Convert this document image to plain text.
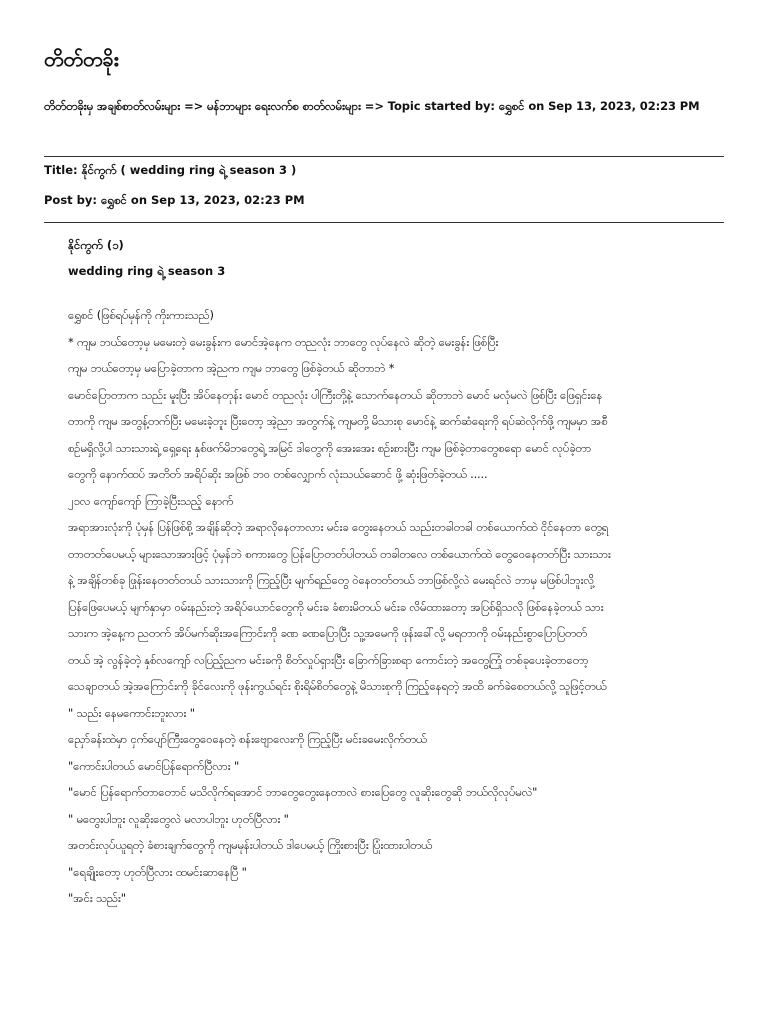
တိတ်တခိုး
တိတ်တခိုးမှ အချစ်စာတ်လမ်းများ => မန်ဘာများ ရေးလက်စ စာတ်လမ်းများ => Topic started by: ရွှေစင် on Sep 13, 2023, 02:23 PM
Title: နိုင်ကွက် ( wedding ring ရဲ့ season 3 )
Post by: ရွှေစင် on Sep 13, 2023, 02:23 PM
နိုင်ကွက် (၁)
wedding ring ရဲ့ season 3
ရွှေစင် (ဖြစ်ရပ်မှန်ကို ကိုးကားသည်)
* ကျမ ဘယ်တော့မှ မမေးတဲ့ မေးခွန်းက မောင်အဲ့နေက တညလုံး ဘာတွေ လုပ်နေလဲ ဆိုတဲ့ မေးခွန်း ဖြစ်ပြီး
ကျမ ဘယ်တော့မှ မပြောခဲ့တာက အဲ့ညက ကျမ ဘာတွေ ဖြစ်ခဲ့တယ် ဆိုတာဘဲ *
မောင်ပြောတာက သည်း မူးပြီး အိပ်နေတုန်း မောင် တညလုံး ပါကြီးတို့နဲ့ သောက်နေတယ် ဆိုတာဘဲ မောင် မလုံမလဲ ဖြစ်ပြီး ဖြေရှင်းနေ
တာကို ကျမ အတွန့်တက်ပြီး မမေးခဲ့ဘူး ပြီးတော့ အဲ့ညာ အတွက်နဲ့ ကျမတို့ မိသားစု မောင်နဲ့ ဆက်ဆံရေးကို ရပ်ဆဲလိုက်ဖို့ ကျမမှာ အစီ
စဉ်မရှိလို့ပါ သားသားရဲ့ ရှေ့ရေး နှစ်ဖက်မိဘတွေရဲ့ အမြင် ဒါတွေကို အေးအေး စဉ်းစားပြီး ကျမ ဖြစ်ခဲ့တာတွေစရော မောင် လုပ်ခဲ့တာ
တွေကို နောက်ထပ် အတိတ် အရိပ်ဆိုး အဖြစ် ဘဝ တစ်လျှောက် လုံးသယ်ဆောင် ဖို့ ဆုံးဖြတ်ခဲ့တယ် .....
၂၁လ ကျော်ကျော် ကြာခဲ့ပြီးသည့် နောက်
အရာအားလုံးကို ပုံမှန် ပြန်ဖြစ်စို့ အချိန်ဆိုတဲ့ အရာလိုနေတာလား မင်းခ တွေးနေတယ် သည်းတခါတခါ တစ်ယောက်ထဲ ငိုင်နေတာ တွေ့ရ
တာတတ်ပေမယ့် များသောအားဖြင့် ပုံမှန်ဘဲ စကားတွေ ပြန်ပြောတတ်ပါတယ် တခါတလေ တစ်ယောက်ထဲ တွေဝေနေတတ်ပြီး သားသား
နဲ့ အချိန်တစ်ခု ဖြုန်းနေတတ်တယ် သားသားကို ကြည့်ပြီး မျက်ရည်တွေ ဝဲနေတတ်တယ် ဘာဖြစ်လို့လဲ မေးရင်လဲ ဘာမှ မဖြစ်ပါဘူးလို့
ပြန်ဖြေပေမယ့် မျက်နှာမှာ ဝမ်းနည်းတဲ့ အရိပ်ယောင်တွေကို မင်းခ ခံစားမိတယ် မင်းခ လိမ်ထားတော့ အပြစ်ရှိသလို ဖြစ်နေခဲ့တယ် သား
သားက အဲ့နေ့က ညတက် အိပ်မက်ဆိုးအကြောင်းကို ခဏ ခဏပြောပြီး သူ့အမေကို ဖုန်းခေါ်လို့ မရတာကို ဝမ်းနည်းစွာပြောပြတတ်
တယ် အဲ့ လွန်ခဲ့တဲ့ နှစ်လကျော် လပြည့်ညက မင်းခကို စိတ်လှုပ်ရှားပြီး ခြောက်ခြားစရာ ကောင်းတဲ့ အတွေ့ကြုံ တစ်ခုပေးခဲ့တာတော့
သေချာတယ် အဲ့အကြောင်းကို ခိုင်လေးကို ဖုန်းကွယ်ရင်း စိုးရိမ်စိတ်တွေနဲ့ မိသားစုကို ကြည့်နေရတဲ့ အထိ ခက်ခဲစေတယ်လို့ သူဖြင့်တယ်
" သည်း နေမကောင်းဘူးလား "
ညှော်ခန်းထဲမှာ ငှက်ပျော်ကြီးတွေဝေနေတဲ့ စန်းဗျောလေးကို ကြည့်ပြီး မင်းခမေးလိုက်တယ်
"ကောင်းပါတယ် မောင်ပြန်ရောက်ပြီလား "
"မောင် ပြန်ရောက်တာတောင် မသိလိုက်ရအောင် ဘာတွေတွေးနေတာလဲ စားပြေတွေ လူဆိုးတွေဆို ဘယ်လိုလုပ်မလဲ"
" မတွေးပါဘူး လူဆိုးတွေလဲ မလာပါဘူး ဟုတ်ပြီလား "
အတင်းလုပ်ယူရတဲ့ ခံစားချက်တွေကို ကျမမုန်းပါတယ် ဒါပေမယ့် ကြိုးစားပြီး ပြုံးထားပါတယ်
"ရေချိုးတော့ ဟုတ်ပြီလား ထမင်းဆာနေပြီ "
"အင်း သည်း"
